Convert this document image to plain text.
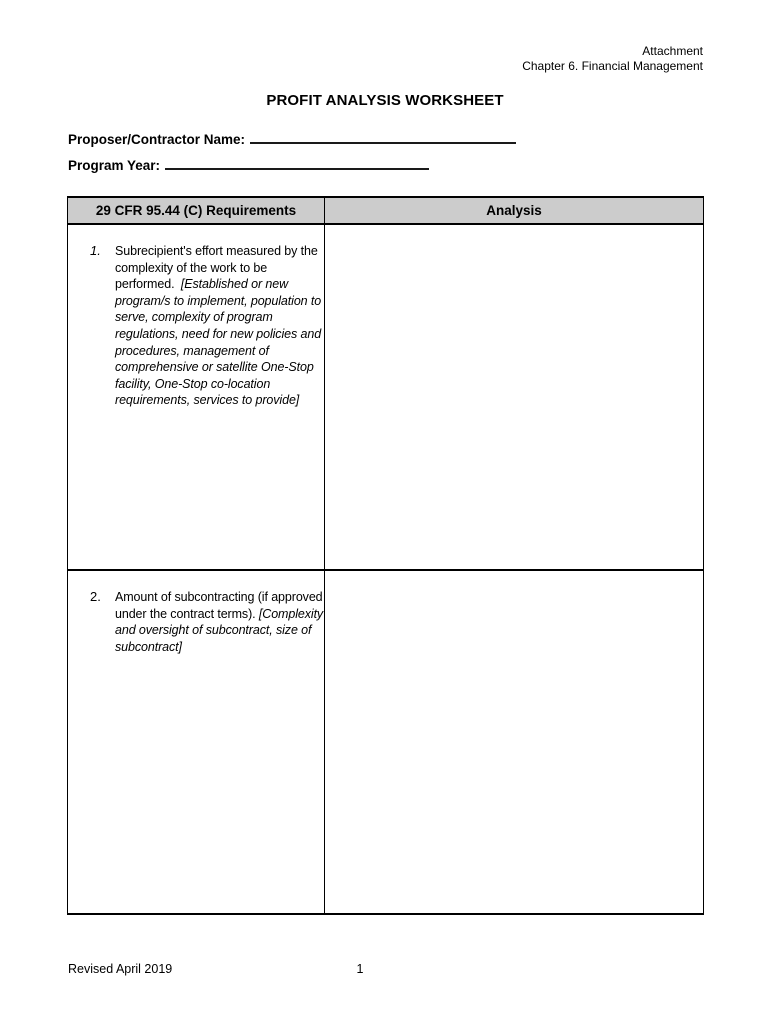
Attachment
Chapter 6. Financial Management
PROFIT ANALYSIS WORKSHEET
Proposer/Contractor Name:
Program Year:
29 CFR 95.44 (C) Requirements	Analysis

1. Subrecipient's effort measured by the complexity of the work to be performed. [Established or new program/s to implement, population to serve, complexity of program regulations, need for new policies and procedures, management of comprehensive or satellite One-Stop facility, One-Stop co-location requirements, services to provide]	

2. Amount of subcontracting (if approved under the contract terms). [Complexity and oversight of subcontract, size of subcontract]	

Revised April 2019	1
